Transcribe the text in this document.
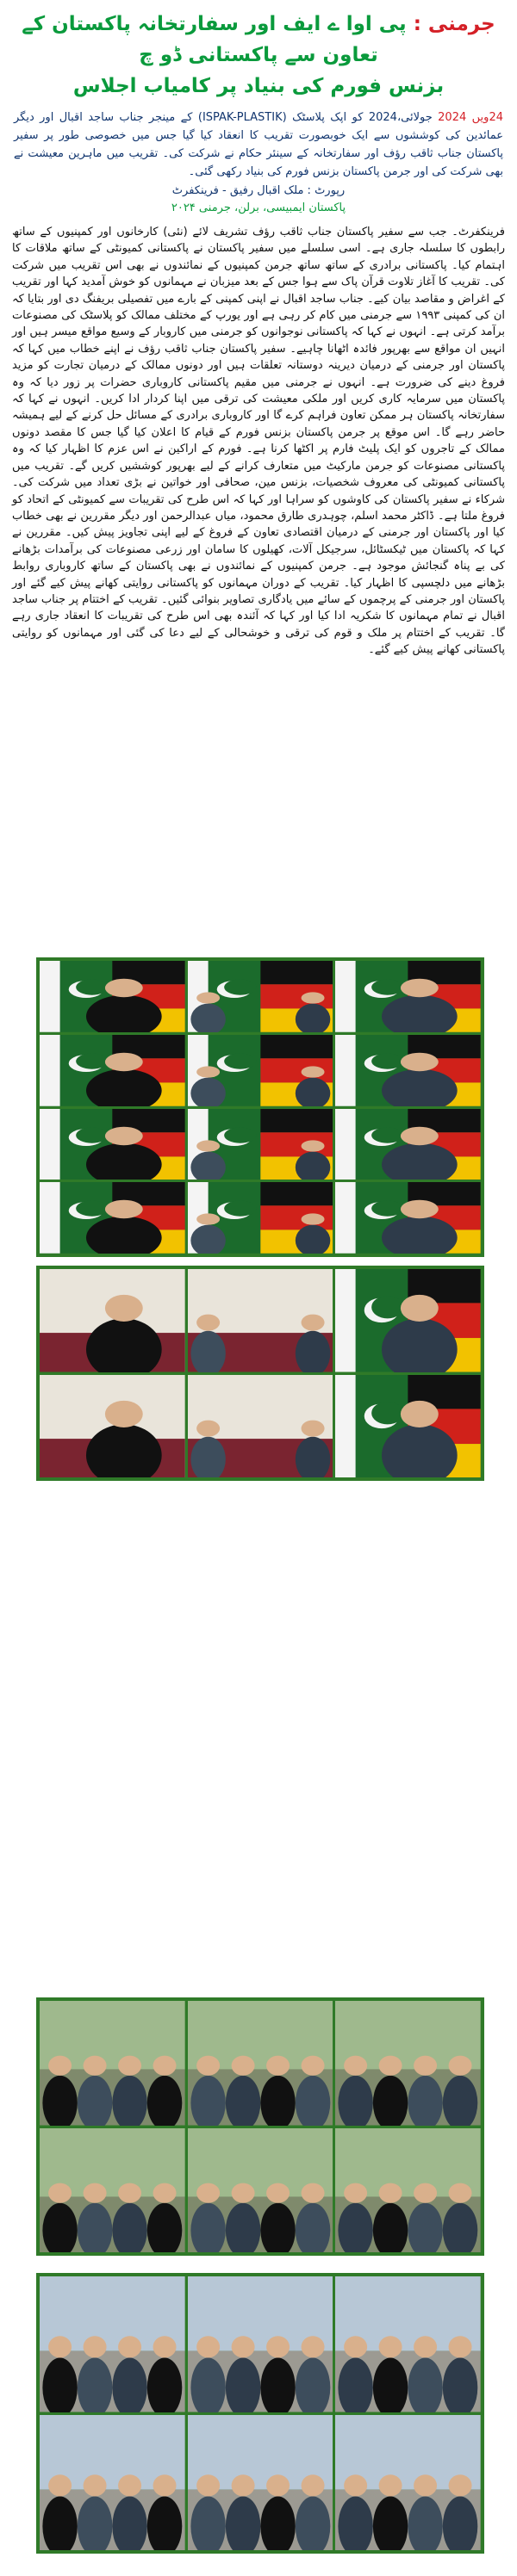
جرمنی : پی اوا ے ایف اور سفارتخانہ پاکستان کے تعاون سے پاکستانی ڈو چ
بزنس فورم کی بنیاد پر کامیاب اجلاس
24ویں 2024 جولائی،2024 کو اپک پلاسٹک (ISPAK-PLASTIK) کے مینجر جناب ساجد اقبال اور دیگر عمائدین کی کوششوں سے ایک خوبصورت تقریب کا انعقاد کیا گیا جس میں خصوصی طور پر سفیر پاکستان جناب ثاقب رؤف اور سفارتخانہ کے سینئر حکام نے شرکت کی۔ تقریب میں ماہرین معیشت نے بھی شرکت کی اور جرمن پاکستان بزنس فورم کی بنیاد رکھی گئی۔
رپورٹ : ملک اقبال رفیق - فرینکفرٹ
پاکستان ایمبیسی، برلن، جرمنی ۲۰۲۴
فرینکفرٹ۔ جب سے سفیر پاکستان جناب ثاقب رؤف تشریف لائے (نئی) کارخانوں اور کمپنیوں کے ساتھ رابطوں کا سلسلہ جاری ہے۔ اسی سلسلے میں سفیر پاکستان نے پاکستانی کمیونٹی کے ساتھ ملاقات کا اہتمام کیا۔ پاکستانی برادری کے ساتھ ساتھ جرمن کمپنیوں کے نمائندوں نے بھی اس تقریب میں شرکت کی۔ تقریب کا آغاز تلاوت قرآن پاک سے ہوا جس کے بعد میزبان نے مہمانوں کو خوش آمدید کہا اور تقریب کے اغراض و مقاصد بیان کیے۔ جناب ساجد اقبال نے اپنی کمپنی کے بارے میں تفصیلی بریفنگ دی اور بتایا کہ ان کی کمپنی ۱۹۹۳ سے جرمنی میں کام کر رہی ہے اور یورپ کے مختلف ممالک کو پلاسٹک کی مصنوعات برآمد کرتی ہے۔ انہوں نے کہا کہ پاکستانی نوجوانوں کو جرمنی میں کاروبار کے وسیع مواقع میسر ہیں اور انہیں ان مواقع سے بھرپور فائدہ اٹھانا چاہیے۔ سفیر پاکستان جناب ثاقب رؤف نے اپنے خطاب میں کہا کہ پاکستان اور جرمنی کے درمیان دیرینہ دوستانہ تعلقات ہیں اور دونوں ممالک کے درمیان تجارت کو مزید فروغ دینے کی ضرورت ہے۔ انہوں نے جرمنی میں مقیم پاکستانی کاروباری حضرات پر زور دیا کہ وہ پاکستان میں سرمایہ کاری کریں اور ملکی معیشت کی ترقی میں اپنا کردار ادا کریں۔ انہوں نے کہا کہ سفارتخانہ پاکستان ہر ممکن تعاون فراہم کرے گا اور کاروباری برادری کے مسائل حل کرنے کے لیے ہمیشہ حاضر رہے گا۔ اس موقع پر جرمن پاکستان بزنس فورم کے قیام کا اعلان کیا گیا جس کا مقصد دونوں ممالک کے تاجروں کو ایک پلیٹ فارم پر اکٹھا کرنا ہے۔ فورم کے اراکین نے اس عزم کا اظہار کیا کہ وہ پاکستانی مصنوعات کو جرمن مارکیٹ میں متعارف کرانے کے لیے بھرپور کوششیں کریں گے۔ تقریب میں پاکستانی کمیونٹی کی معروف شخصیات، بزنس مین، صحافی اور خواتین نے بڑی تعداد میں شرکت کی۔ شرکاء نے سفیر پاکستان کی کاوشوں کو سراہا اور کہا کہ اس طرح کی تقریبات سے کمیونٹی کے اتحاد کو فروغ ملتا ہے۔ ڈاکٹر محمد اسلم، چوہدری طارق محمود، میاں عبدالرحمن اور دیگر مقررین نے بھی خطاب کیا اور پاکستان اور جرمنی کے درمیان اقتصادی تعاون کے فروغ کے لیے اپنی تجاویز پیش کیں۔ مقررین نے کہا کہ پاکستان میں ٹیکسٹائل، سرجیکل آلات، کھیلوں کا سامان اور زرعی مصنوعات کی برآمدات بڑھانے کی بے پناہ گنجائش موجود ہے۔ جرمن کمپنیوں کے نمائندوں نے بھی پاکستان کے ساتھ کاروباری روابط بڑھانے میں دلچسپی کا اظہار کیا۔ تقریب کے دوران مہمانوں کو پاکستانی روایتی کھانے پیش کیے گئے اور پاکستان اور جرمنی کے پرچموں کے سائے میں یادگاری تصاویر بنوائی گئیں۔ تقریب کے اختتام پر جناب ساجد اقبال نے تمام مہمانوں کا شکریہ ادا کیا اور کہا کہ آئندہ بھی اس طرح کی تقریبات کا انعقاد جاری رہے گا۔ تقریب کے اختتام پر ملک و قوم کی ترقی و خوشحالی کے لیے دعا کی گئی اور مہمانوں کو روایتی پاکستانی کھانے پیش کیے گئے۔
